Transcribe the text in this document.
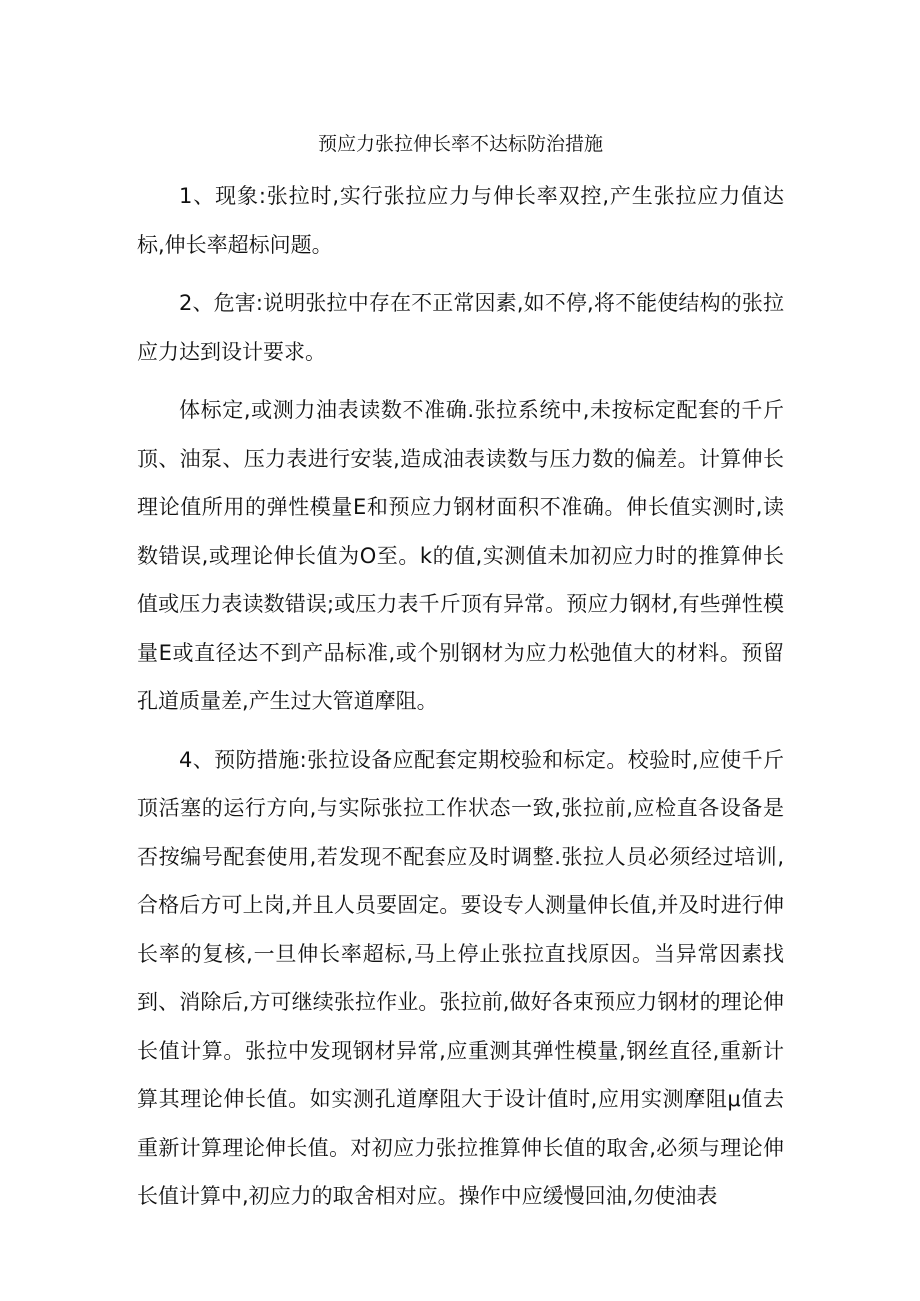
预应力张拉伸长率不达标防治措施

1、现象:张拉时,实行张拉应力与伸长率双控,产生张拉应力值达标,伸长率超标问题。

2、危害:说明张拉中存在不正常因素,如不停,将不能使结构的张拉应力达到设计要求。

体标定,或测力油表读数不准确.张拉系统中,未按标定配套的千斤顶、油泵、压力表进行安装,造成油表读数与压力数的偏差。计算伸长理论值所用的弹性模量E和预应力钢材面积不准确。伸长值实测时,读数错误,或理论伸长值为O至。k的值,实测值未加初应力时的推算伸长值或压力表读数错误;或压力表千斤顶有异常。预应力钢材,有些弹性模量E或直径达不到产品标准,或个别钢材为应力松弛值大的材料。预留孔道质量差,产生过大管道摩阻。

4、预防措施:张拉设备应配套定期校验和标定。校验时,应使千斤顶活塞的运行方向,与实际张拉工作状态一致,张拉前,应检直各设备是否按编号配套使用,若发现不配套应及时调整.张拉人员必须经过培训,合格后方可上岗,并且人员要固定。要设专人测量伸长值,并及时进行伸长率的复核,一旦伸长率超标,马上停止张拉直找原因。当异常因素找到、消除后,方可继续张拉作业。张拉前,做好各束预应力钢材的理论伸长值计算。张拉中发现钢材异常,应重测其弹性模量,钢丝直径,重新计算其理论伸长值。如实测孔道摩阻大于设计值时,应用实测摩阻μ值去重新计算理论伸长值。对初应力张拉推算伸长值的取舍,必须与理论伸长值计算中,初应力的取舍相对应。操作中应缓慢回油,勿使油表
